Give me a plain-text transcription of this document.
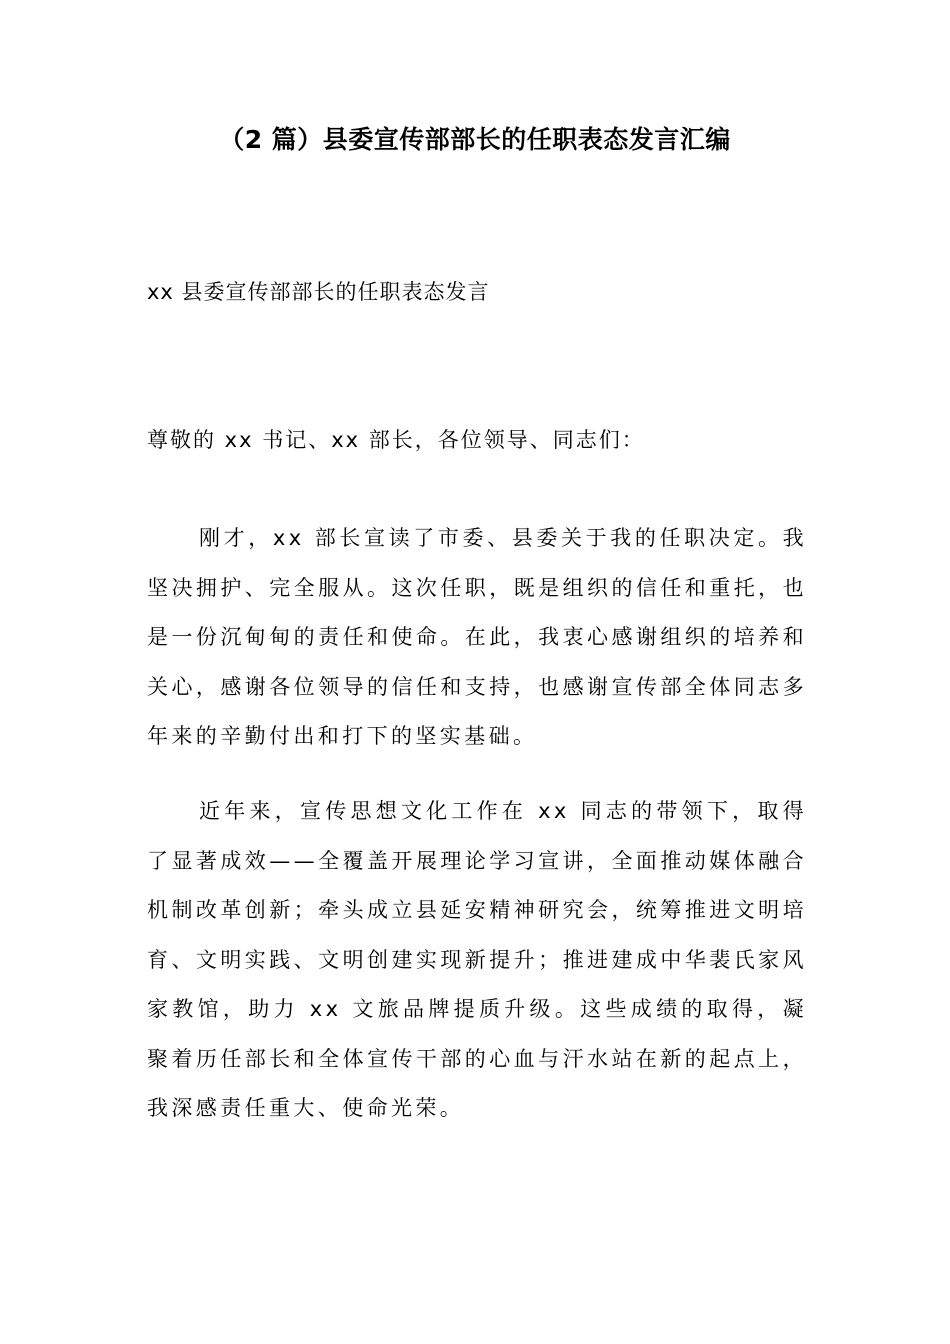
（2 篇）县委宣传部部长的任职表态发言汇编
xx 县委宣传部部长的任职表态发言
尊敬的 xx 书记、xx 部长，各位领导、同志们：

刚才，xx 部长宣读了市委、县委关于我的任职决定。我坚决拥护、完全服从。这次任职，既是组织的信任和重托，也是一份沉甸甸的责任和使命。在此，我衷心感谢组织的培养和关心，感谢各位领导的信任和支持，也感谢宣传部全体同志多年来的辛勤付出和打下的坚实基础。

近年来，宣传思想文化工作在 xx 同志的带领下，取得了显著成效——全覆盖开展理论学习宣讲，全面推动媒体融合机制改革创新；牵头成立县延安精神研究会，统筹推进文明培育、文明实践、文明创建实现新提升；推进建成中华裴氏家风家教馆，助力 xx 文旅品牌提质升级。这些成绩的取得，凝聚着历任部长和全体宣传干部的心血与汗水站在新的起点上，我深感责任重大、使命光荣。
